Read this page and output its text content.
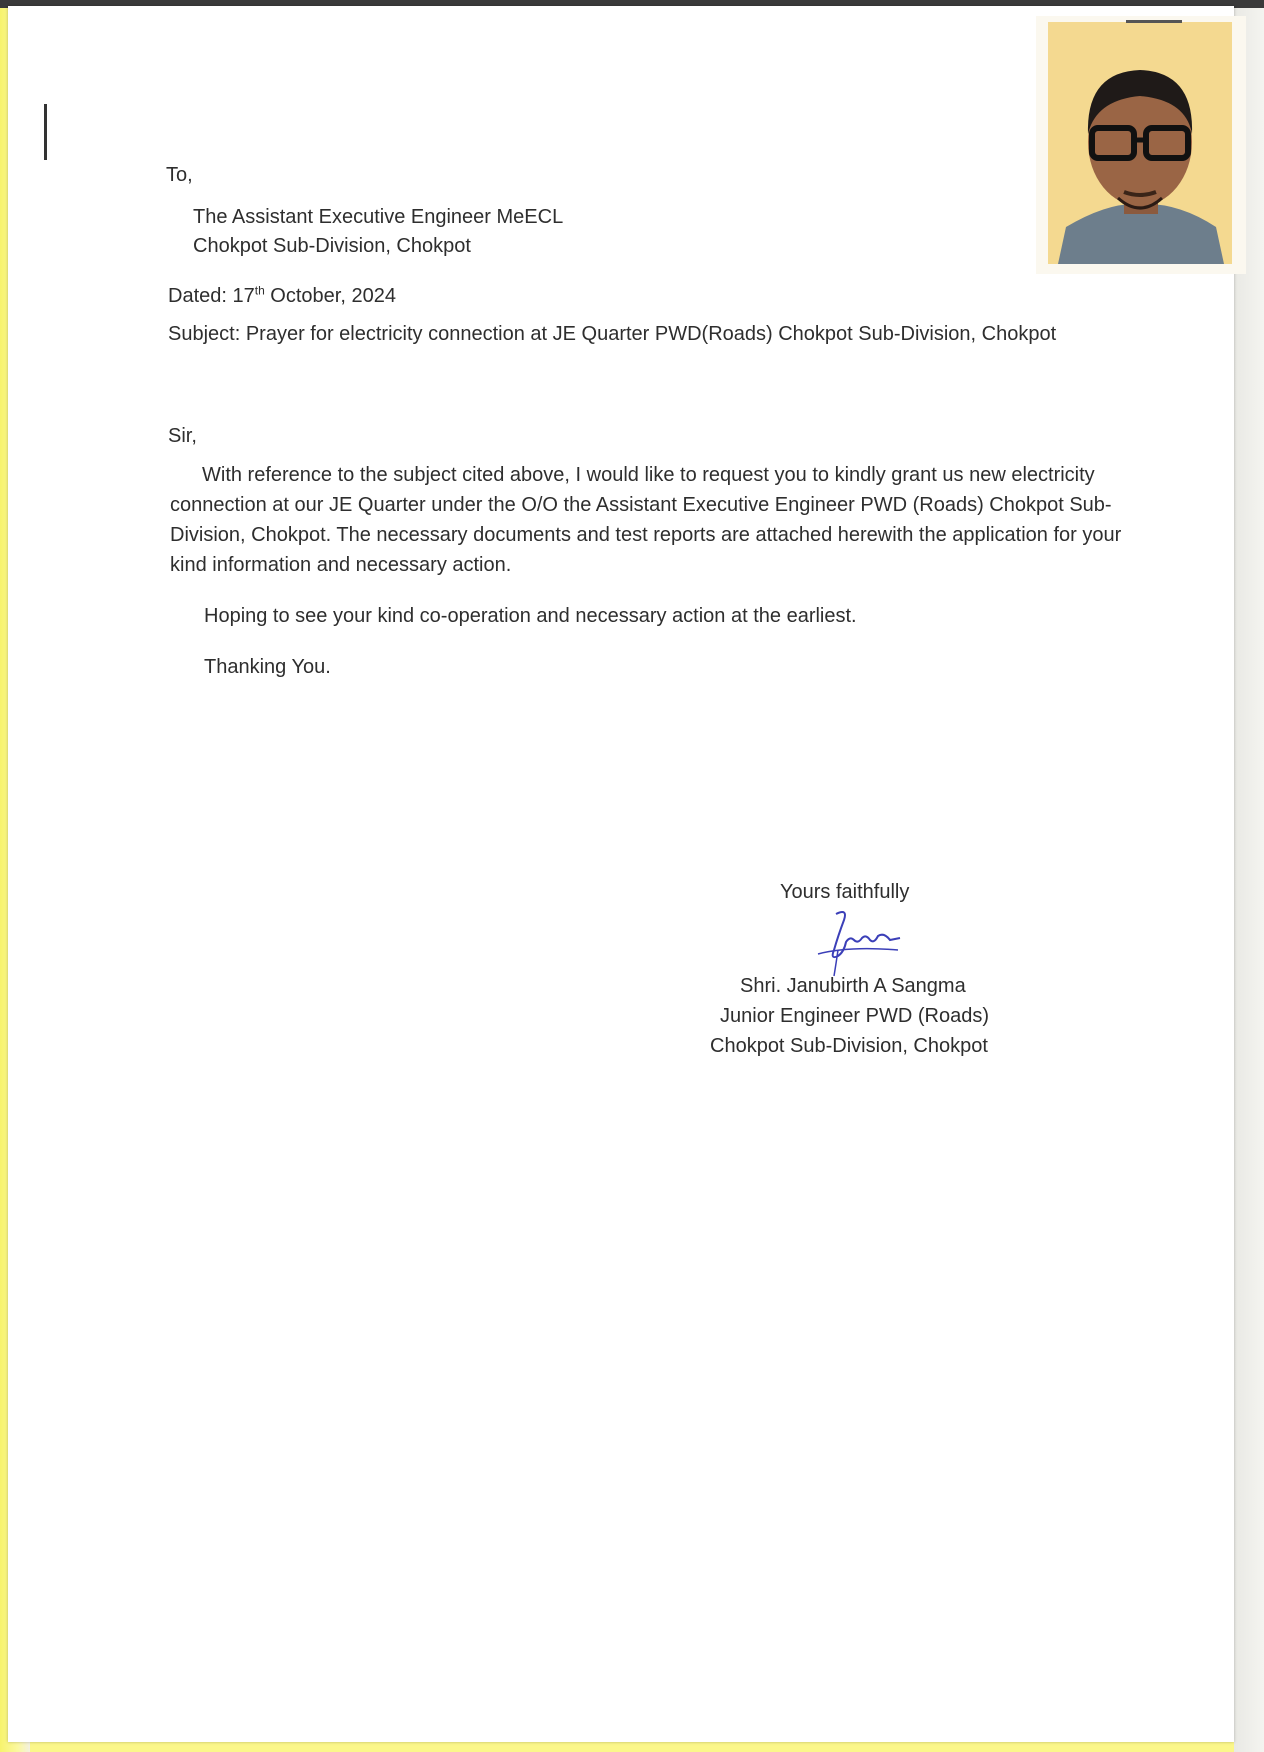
To,
The Assistant Executive Engineer MeECL
Chokpot Sub-Division, Chokpot
Dated: 17th October, 2024
Subject: Prayer for electricity connection at JE Quarter PWD(Roads) Chokpot Sub-Division, Chokpot
Sir,
With reference to the subject cited above, I would like to request you to kindly grant us new electricity connection at our JE Quarter under the O/O the Assistant Executive Engineer PWD (Roads) Chokpot Sub-Division, Chokpot. The necessary documents and test reports are attached herewith the application for your kind information and necessary action.
Hoping to see your kind co-operation and necessary action at the earliest.
Thanking You.
Yours faithfully
Shri. Janubirth A Sangma
Junior Engineer PWD (Roads)
Chokpot Sub-Division, Chokpot
